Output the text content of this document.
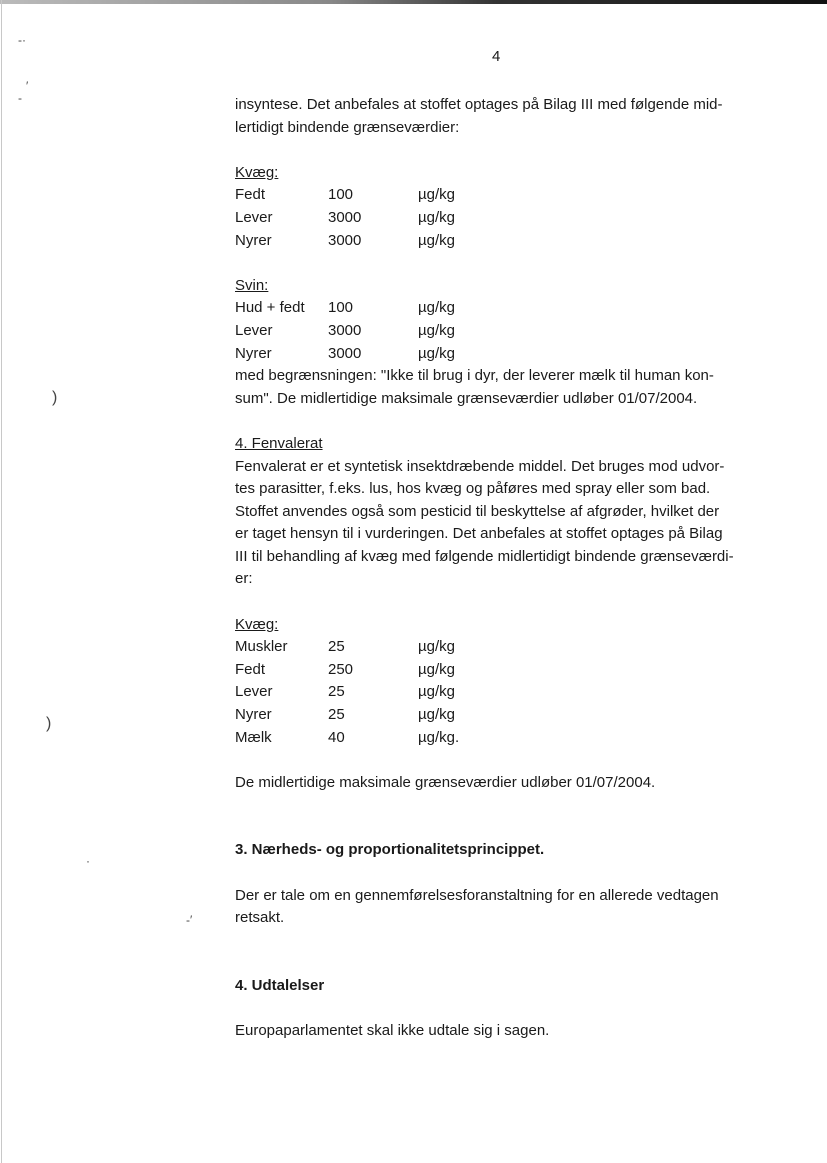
-·
′
-
)
)
·
-′
4

insyntese. Det anbefales at stoffet optages på Bilag III med følgende mid-

lertidigt bindende grænseværdier:

Kvæg:

Fedt	100	µg/kg
Lever	3000	µg/kg
Nyrer	3000	µg/kg

Svin:

Hud + fedt	100	µg/kg
Lever	3000	µg/kg
Nyrer	3000	µg/kg

med begrænsningen: "Ikke til brug i dyr, der leverer mælk til human kon-

sum". De midlertidige maksimale grænseværdier udløber 01/07/2004.

4. Fenvalerat

Fenvalerat er et syntetisk insektdræbende middel. Det bruges mod udvor-

tes parasitter, f.eks. lus, hos kvæg og påføres med spray eller som bad.

Stoffet anvendes også som pesticid til beskyttelse af afgrøder, hvilket der

er taget hensyn til i vurderingen. Det anbefales at stoffet optages på Bilag

III til behandling af kvæg med følgende midlertidigt bindende grænseværdi-

er:

Kvæg:

Muskler	25	µg/kg
Fedt	250	µg/kg
Lever	25	µg/kg
Nyrer	25	µg/kg
Mælk	40	µg/kg.

De midlertidige maksimale grænseværdier udløber 01/07/2004.

3. Nærheds- og proportionalitetsprincippet.

Der er tale om en gennemførelsesforanstaltning for en allerede vedtagen

retsakt.

4. Udtalelser

Europaparlamentet skal ikke udtale sig i sagen.
